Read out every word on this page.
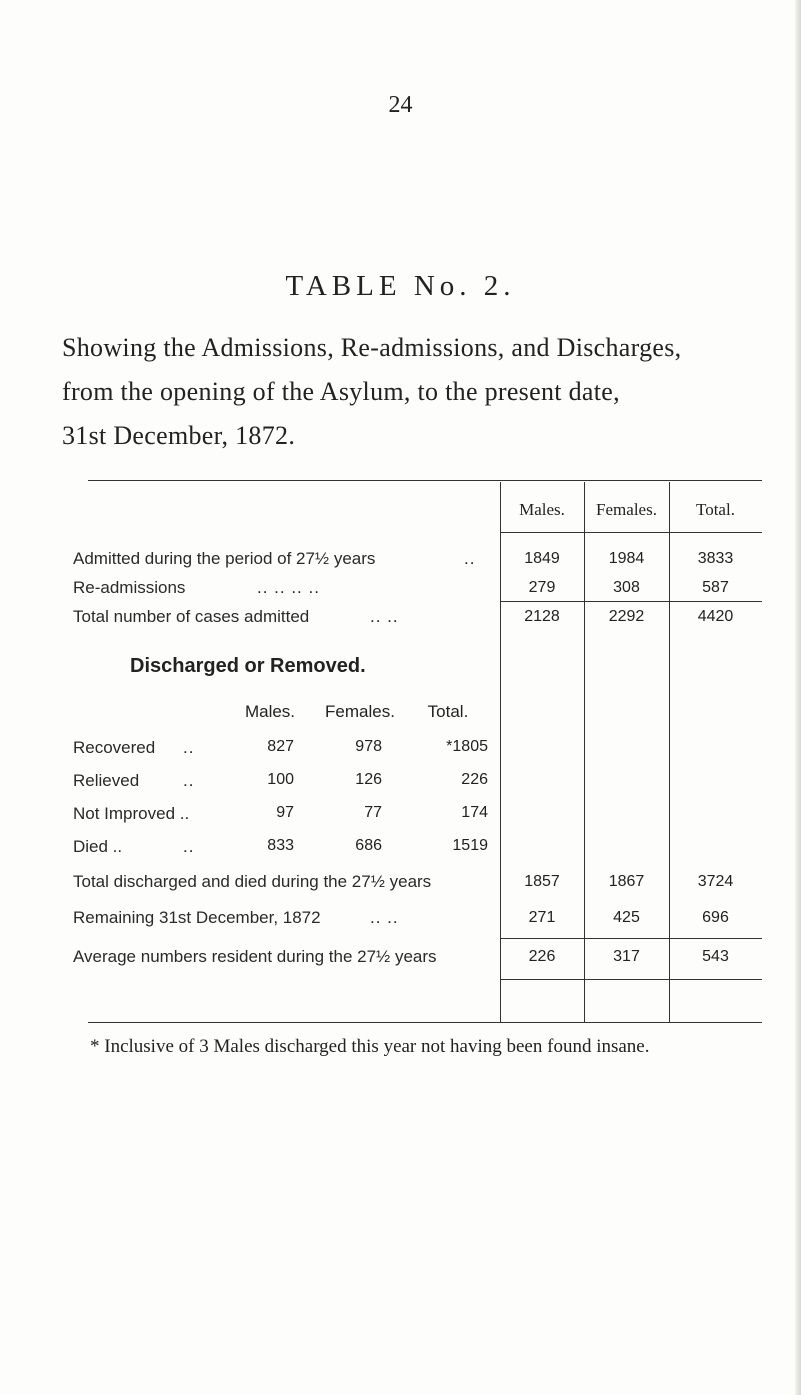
24
TABLE No. 2.
Showing the Admissions, Re-admissions, and Discharges,
from the opening of the Asylum, to the present date,
31st December, 1872.
Males.	Females.	Total.
Admitted during the period of 27½ years	..	1849	1984	3833
Re-admissions	.. .. .. ..	279	308	587
Total number of cases admitted	.. ..	2128	2292	4420
Discharged or Removed.
Males.	Females.	Total.
Recovered ..	827	978	*1805
* Inclusive of 3 Males discharged this year not having been found insane.
Relieved	..	100	126	226
Not Improved ..	97	77	174
Died ..	..	833	686	1519
Total discharged and died during the 27½ years	1857	1867	3724
Remaining 31st December, 1872	.. ..	271	425	696
Average numbers resident during the 27½ years	226	317	543
